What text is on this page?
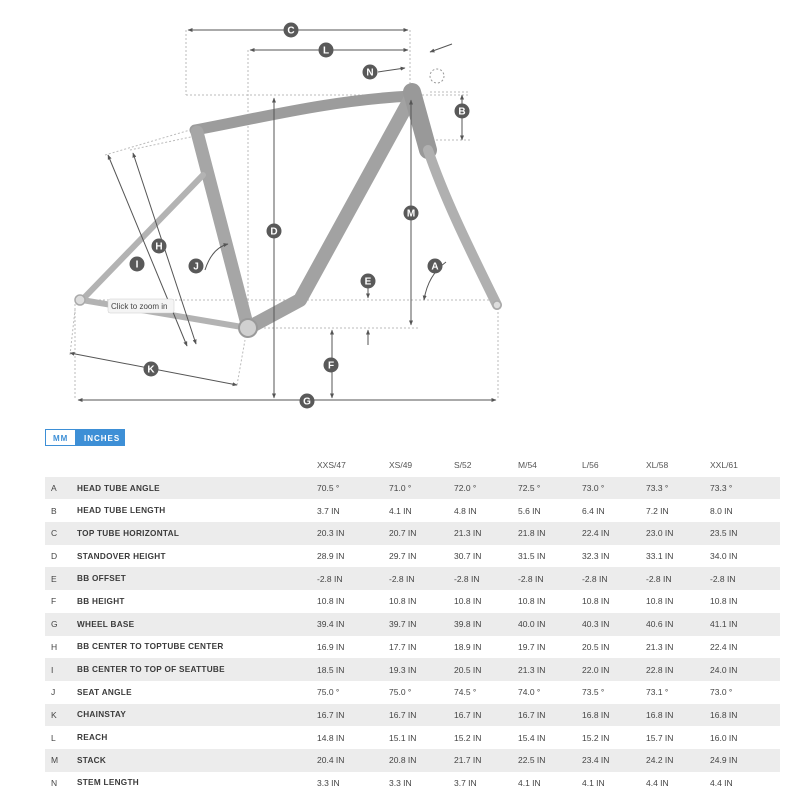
Click to zoom in
A
B
C
D
E
F
G
H
I	J
K
L
M
N
MM	INCHES
		XXS/47	XS/49	S/52	M/54	L/56	XL/58	XXL/61
A	HEAD TUBE ANGLE	70.5 °	71.0 °	72.0 °	72.5 °	73.0 °	73.3 °	73.3 °
B	HEAD TUBE LENGTH	3.7 IN	4.1 IN	4.8 IN	5.6 IN	6.4 IN	7.2 IN	8.0 IN
C	TOP TUBE HORIZONTAL	20.3 IN	20.7 IN	21.3 IN	21.8 IN	22.4 IN	23.0 IN	23.5 IN
D	STANDOVER HEIGHT	28.9 IN	29.7 IN	30.7 IN	31.5 IN	32.3 IN	33.1 IN	34.0 IN
E	BB OFFSET	-2.8 IN	-2.8 IN	-2.8 IN	-2.8 IN	-2.8 IN	-2.8 IN	-2.8 IN
F	BB HEIGHT	10.8 IN	10.8 IN	10.8 IN	10.8 IN	10.8 IN	10.8 IN	10.8 IN
G	WHEEL BASE	39.4 IN	39.7 IN	39.8 IN	40.0 IN	40.3 IN	40.6 IN	41.1 IN
H	BB CENTER TO TOPTUBE CENTER	16.9 IN	17.7 IN	18.9 IN	19.7 IN	20.5 IN	21.3 IN	22.4 IN
I	BB CENTER TO TOP OF SEATTUBE	18.5 IN	19.3 IN	20.5 IN	21.3 IN	22.0 IN	22.8 IN	24.0 IN
J	SEAT ANGLE	75.0 °	75.0 °	74.5 °	74.0 °	73.5 °	73.1 °	73.0 °
K	CHAINSTAY	16.7 IN	16.7 IN	16.7 IN	16.7 IN	16.8 IN	16.8 IN	16.8 IN
L	REACH	14.8 IN	15.1 IN	15.2 IN	15.4 IN	15.2 IN	15.7 IN	16.0 IN
M	STACK	20.4 IN	20.8 IN	21.7 IN	22.5 IN	23.4 IN	24.2 IN	24.9 IN
N	STEM LENGTH	3.3 IN	3.3 IN	3.7 IN	4.1 IN	4.1 IN	4.4 IN	4.4 IN
